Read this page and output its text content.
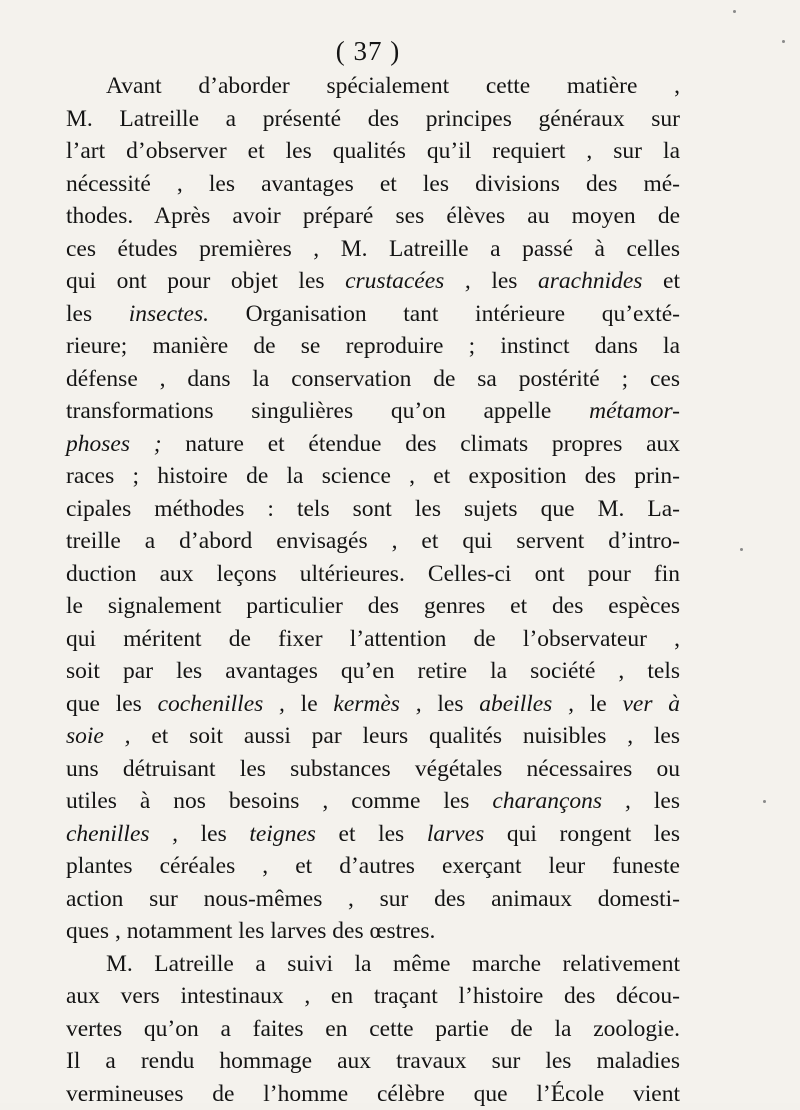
( 37 )
Avant d’aborder spécialement cette matière ,
M. Latreille a présenté des principes généraux sur
l’art d’observer et les qualités qu’il requiert , sur la
nécessité , les avantages et les divisions des mé-
thodes. Après avoir préparé ses élèves au moyen de
ces études premières , M. Latreille a passé à celles
qui ont pour objet les crustacées , les arachnides et
les insectes. Organisation tant intérieure qu’exté-
rieure; manière de se reproduire ; instinct dans la
défense , dans la conservation de sa postérité ; ces
transformations singulières qu’on appelle métamor-
phoses ; nature et étendue des climats propres aux
races ; histoire de la science , et exposition des prin-
cipales méthodes : tels sont les sujets que M. La-
treille a d’abord envisagés , et qui servent d’intro-
duction aux leçons ultérieures. Celles-ci ont pour fin
le signalement particulier des genres et des espèces
qui méritent de fixer l’attention de l’observateur ,
soit par les avantages qu’en retire la société , tels
que les cochenilles , le kermès , les abeilles , le ver à
soie , et soit aussi par leurs qualités nuisibles , les
uns détruisant les substances végétales nécessaires ou
utiles à nos besoins , comme les charançons , les
chenilles , les teignes et les larves qui rongent les
plantes céréales , et d’autres exerçant leur funeste
action sur nous-mêmes , sur des animaux domesti-
ques , notamment les larves des œstres.
M. Latreille a suivi la même marche relativement
aux vers intestinaux , en traçant l’histoire des décou-
vertes qu’on a faites en cette partie de la zoologie.
Il a rendu hommage aux travaux sur les maladies
vermineuses de l’homme célèbre que l’École vient
